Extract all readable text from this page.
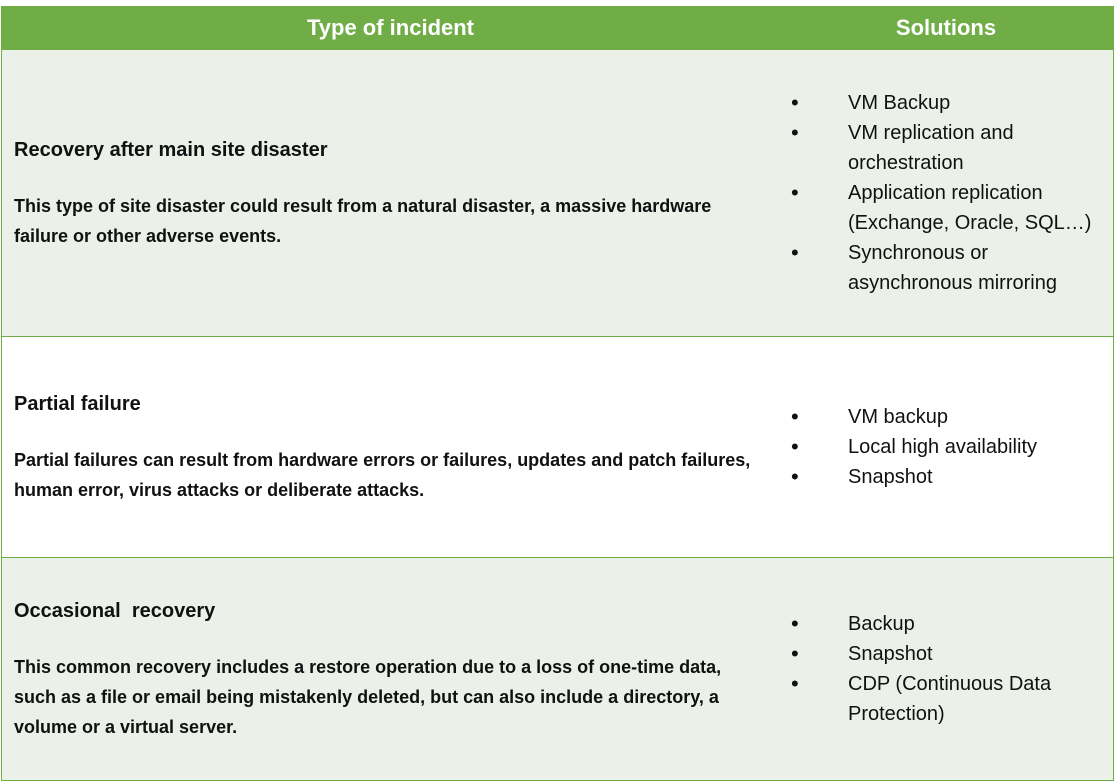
Type of incident	Solutions

Recovery after main site disaster

This type of site disaster could result from a natural disaster, a massive hardware failure or other adverse events.

•	VM Backup
•	VM replication and orchestration
•	Application replication (Exchange, Oracle, SQL…)
•	Synchronous or asynchronous mirroring

Partial failure

Partial failures can result from hardware errors or failures, updates and patch failures, human error, virus attacks or deliberate attacks.

•	VM backup
•	Local high availability
•	Snapshot

Occasional  recovery

This common recovery includes a restore operation due to a loss of one-time data, such as a file or email being mistakenly deleted, but can also include a directory, a volume or a virtual server.

•	Backup
•	Snapshot
•	CDP (Continuous Data Protection)
